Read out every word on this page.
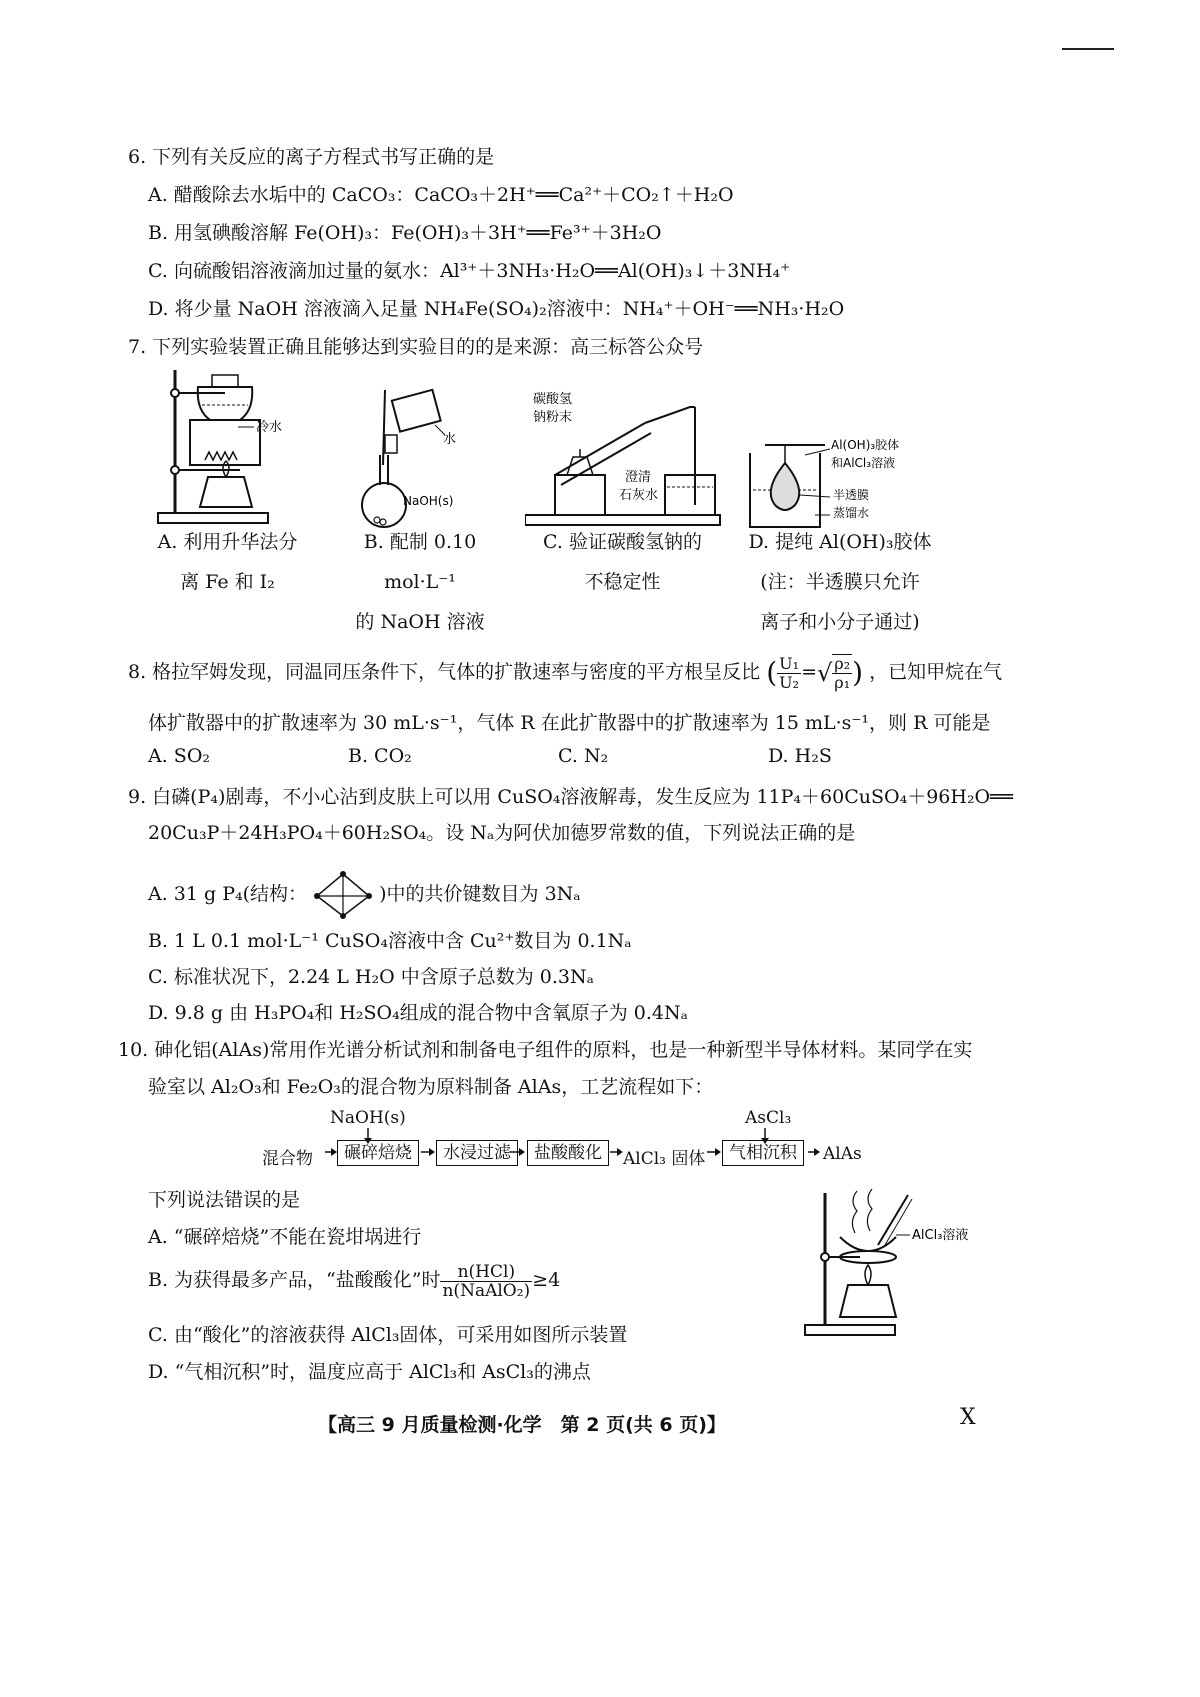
6. 下列有关反应的离子方程式书写正确的是
A. 醋酸除去水垢中的 CaCO₃：CaCO₃＋2H⁺══Ca²⁺＋CO₂↑＋H₂O
B. 用氢碘酸溶解 Fe(OH)₃：Fe(OH)₃＋3H⁺══Fe³⁺＋3H₂O
C. 向硫酸铝溶液滴加过量的氨水：Al³⁺＋3NH₃·H₂O══Al(OH)₃↓＋3NH₄⁺
D. 将少量 NaOH 溶液滴入足量 NH₄Fe(SO₄)₂溶液中：NH₄⁺＋OH⁻══NH₃·H₂O
7. 下列实验装置正确且能够达到实验目的的是来源：高三标答公众号
冷水
水
NaOH(s)
碳酸氢
钠粉末
澄清
石灰水
Al(OH)₃胶体
和AlCl₃溶液
半透膜
蒸馏水
A. 利用升华法分
离 Fe 和 I₂
B. 配制 0.10 mol·L⁻¹
的 NaOH 溶液
C. 验证碳酸氢钠的
不稳定性
D. 提纯 Al(OH)₃胶体
(注：半透膜只允许
离子和小分子通过)
8. 格拉罕姆发现，同温同压条件下，气体的扩散速率与密度的平方根呈反比 ( $\frac{\text{U₁}}{\text{U₂}}$ =√ $\frac{\text{ρ₂}}{\text{ρ₁}}$ ) ，已知甲烷在气
体扩散器中的扩散速率为 30 mL·s⁻¹，气体 R 在此扩散器中的扩散速率为 15 mL·s⁻¹，则 R 可能是
A. SO₂	B. CO₂	C. N₂	D. H₂S
9. 白磷(P₄)剧毒，不小心沾到皮肤上可以用 CuSO₄溶液解毒，发生反应为 11P₄＋60CuSO₄＋96H₂O══
20Cu₃P＋24H₃PO₄＋60H₂SO₄。设 Nₐ为阿伏加德罗常数的值，下列说法正确的是
A. 31 g P₄(结构：	)中的共价键数目为 3Nₐ
B. 1 L 0.1 mol·L⁻¹ CuSO₄溶液中含 Cu²⁺数目为 0.1Nₐ
C. 标准状况下，2.24 L H₂O 中含原子总数为 0.3Nₐ
D. 9.8 g 由 H₃PO₄和 H₂SO₄组成的混合物中含氧原子为 0.4Nₐ
10. 砷化铝(AlAs)常用作光谱分析试剂和制备电子组件的原料，也是一种新型半导体材料。某同学在实
验室以 Al₂O₃和 Fe₂O₃的混合物为原料制备 AlAs，工艺流程如下：
混合物
NaOH(s)
碾碎焙烧	水浸过滤	盐酸酸化	AlCl₃ 固体
AsCl₃
气相沉积	AlAs
下列说法错误的是
A. “碾碎焙烧”不能在瓷坩埚进行
B. 为获得最多产品，“盐酸酸化”时 $\frac{\text{n(HCl)}}{\text{n(NaAlO₂)}} \ge 4$
C. 由“酸化”的溶液获得 AlCl₃固体，可采用如图所示装置
D. “气相沉积”时，温度应高于 AlCl₃和 AsCl₃的沸点
AlCl₃溶液
【高三 9 月质量检测·化学　第 2 页(共 6 页)】	X
